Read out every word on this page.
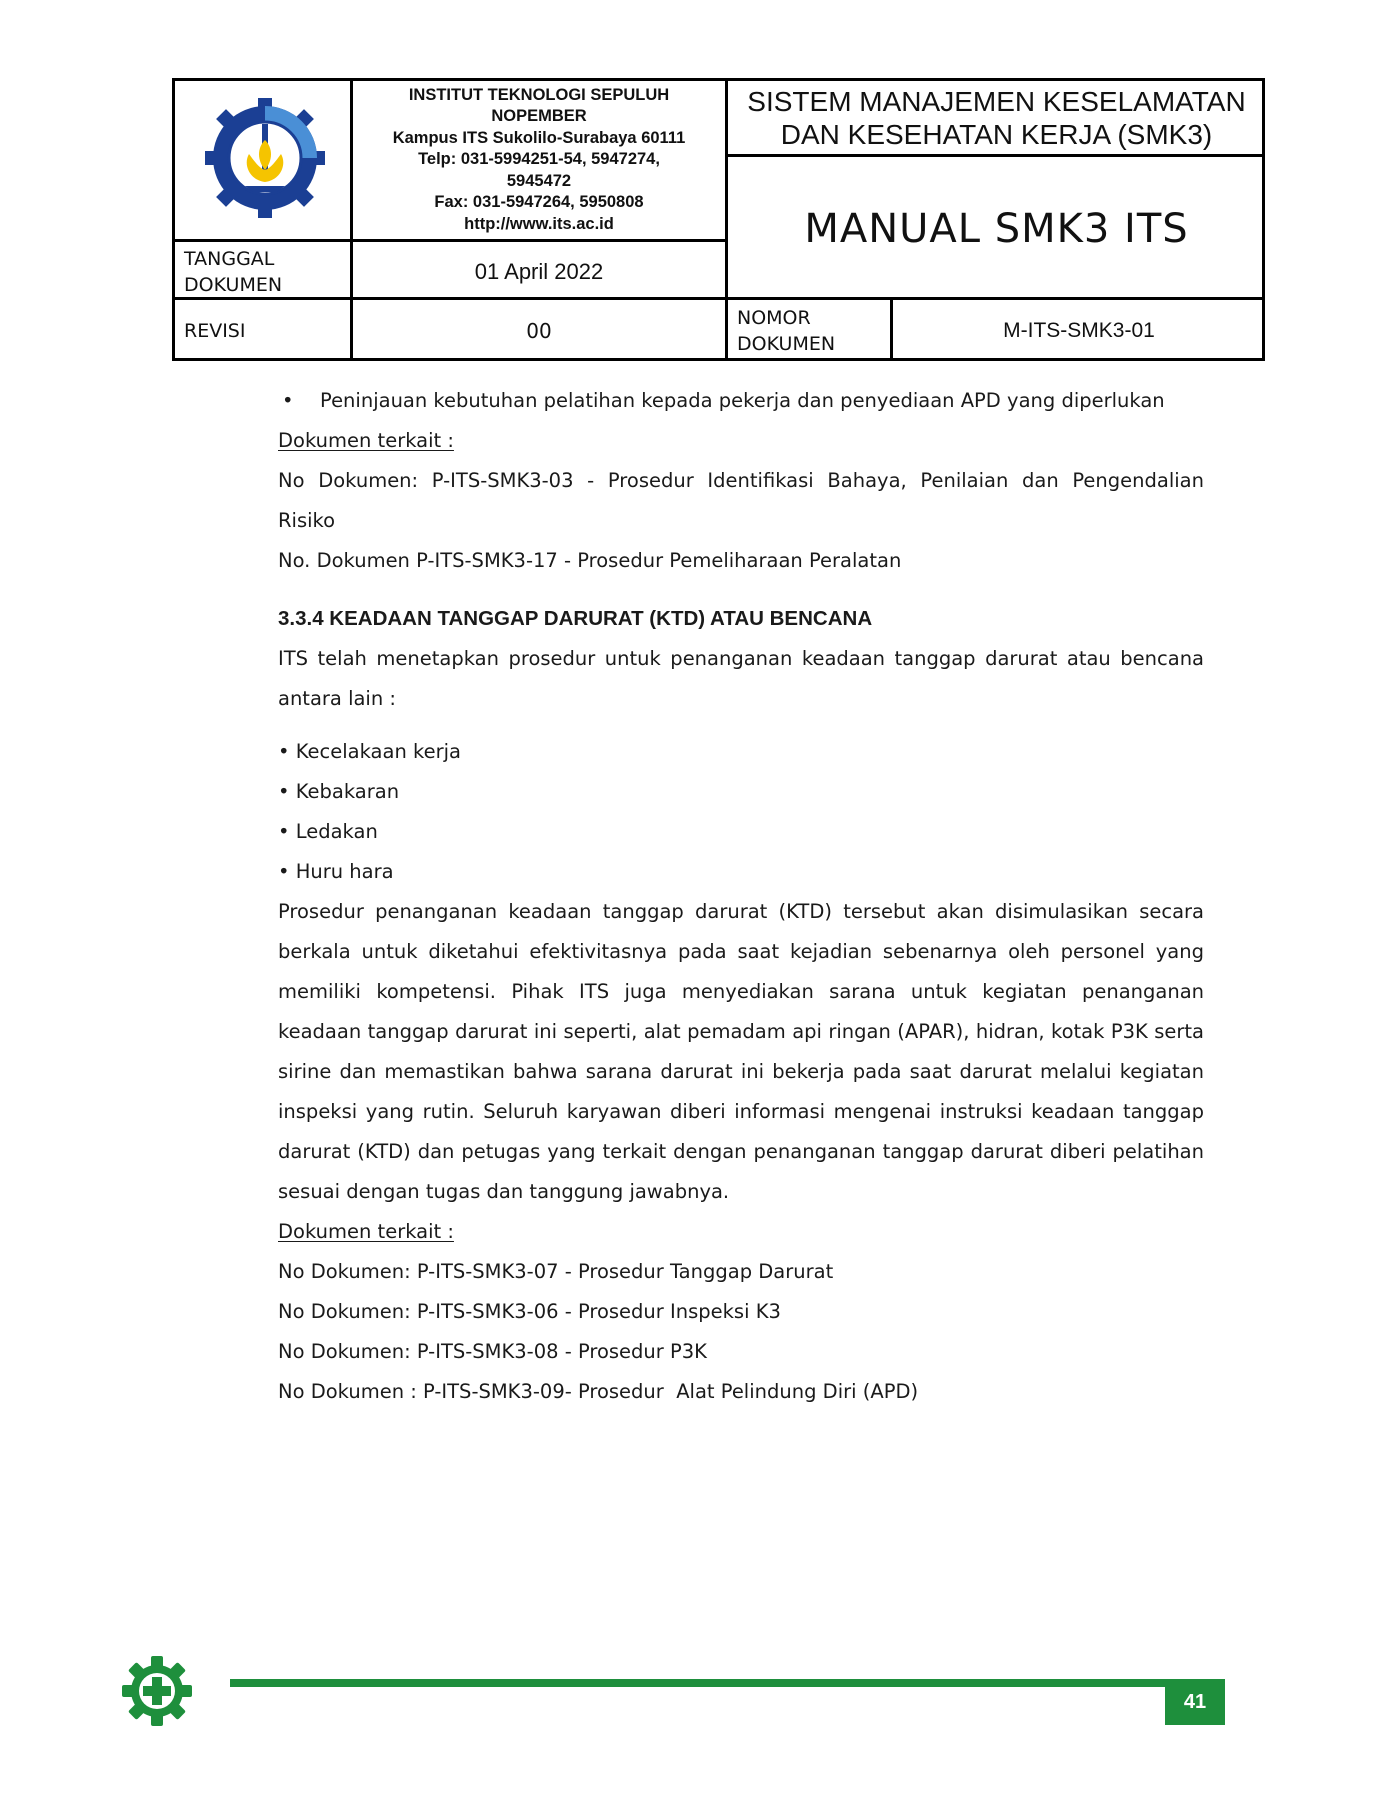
INSTITUT TEKNOLOGI SEPULUH
NOPEMBER
Kampus ITS Sukolilo-Surabaya 60111
Telp: 031-5994251-54, 5947274,
5945472
Fax: 031-5947264, 5950808
http://www.its.ac.id
SISTEM MANAJEMEN KESELAMATAN
DAN KESEHATAN KERJA (SMK3)
MANUAL SMK3 ITS
TANGGAL
DOKUMEN
01 April 2022
REVISI	00
NOMOR
DOKUMEN
M-ITS-SMK3-01
• Peninjauan kebutuhan pelatihan kepada pekerja dan penyediaan APD yang diperlukan
Dokumen terkait :
No Dokumen: P-ITS-SMK3-03 - Prosedur Identifikasi Bahaya, Penilaian dan Pengendalian
Risiko
No. Dokumen P-ITS-SMK3-17 - Prosedur Pemeliharaan Peralatan
3.3.4 KEADAAN TANGGAP DARURAT (KTD) ATAU BENCANA
ITS telah menetapkan prosedur untuk penanganan keadaan tanggap darurat atau bencana
antara lain :
• Kecelakaan kerja
• Kebakaran
• Ledakan
• Huru hara
Prosedur penanganan keadaan tanggap darurat (KTD) tersebut akan disimulasikan secara
berkala untuk diketahui efektivitasnya pada saat kejadian sebenarnya oleh personel yang
memiliki kompetensi. Pihak ITS juga menyediakan sarana untuk kegiatan penanganan
keadaan tanggap darurat ini seperti, alat pemadam api ringan (APAR), hidran, kotak P3K serta
sirine dan memastikan bahwa sarana darurat ini bekerja pada saat darurat melalui kegiatan
inspeksi yang rutin. Seluruh karyawan diberi informasi mengenai instruksi keadaan tanggap
darurat (KTD) dan petugas yang terkait dengan penanganan tanggap darurat diberi pelatihan
sesuai dengan tugas dan tanggung jawabnya.
Dokumen terkait :
No Dokumen: P-ITS-SMK3-07 - Prosedur Tanggap Darurat
No Dokumen: P-ITS-SMK3-06 - Prosedur Inspeksi K3
No Dokumen: P-ITS-SMK3-08 - Prosedur P3K
No Dokumen : P-ITS-SMK3-09- Prosedur  Alat Pelindung Diri (APD)
41
